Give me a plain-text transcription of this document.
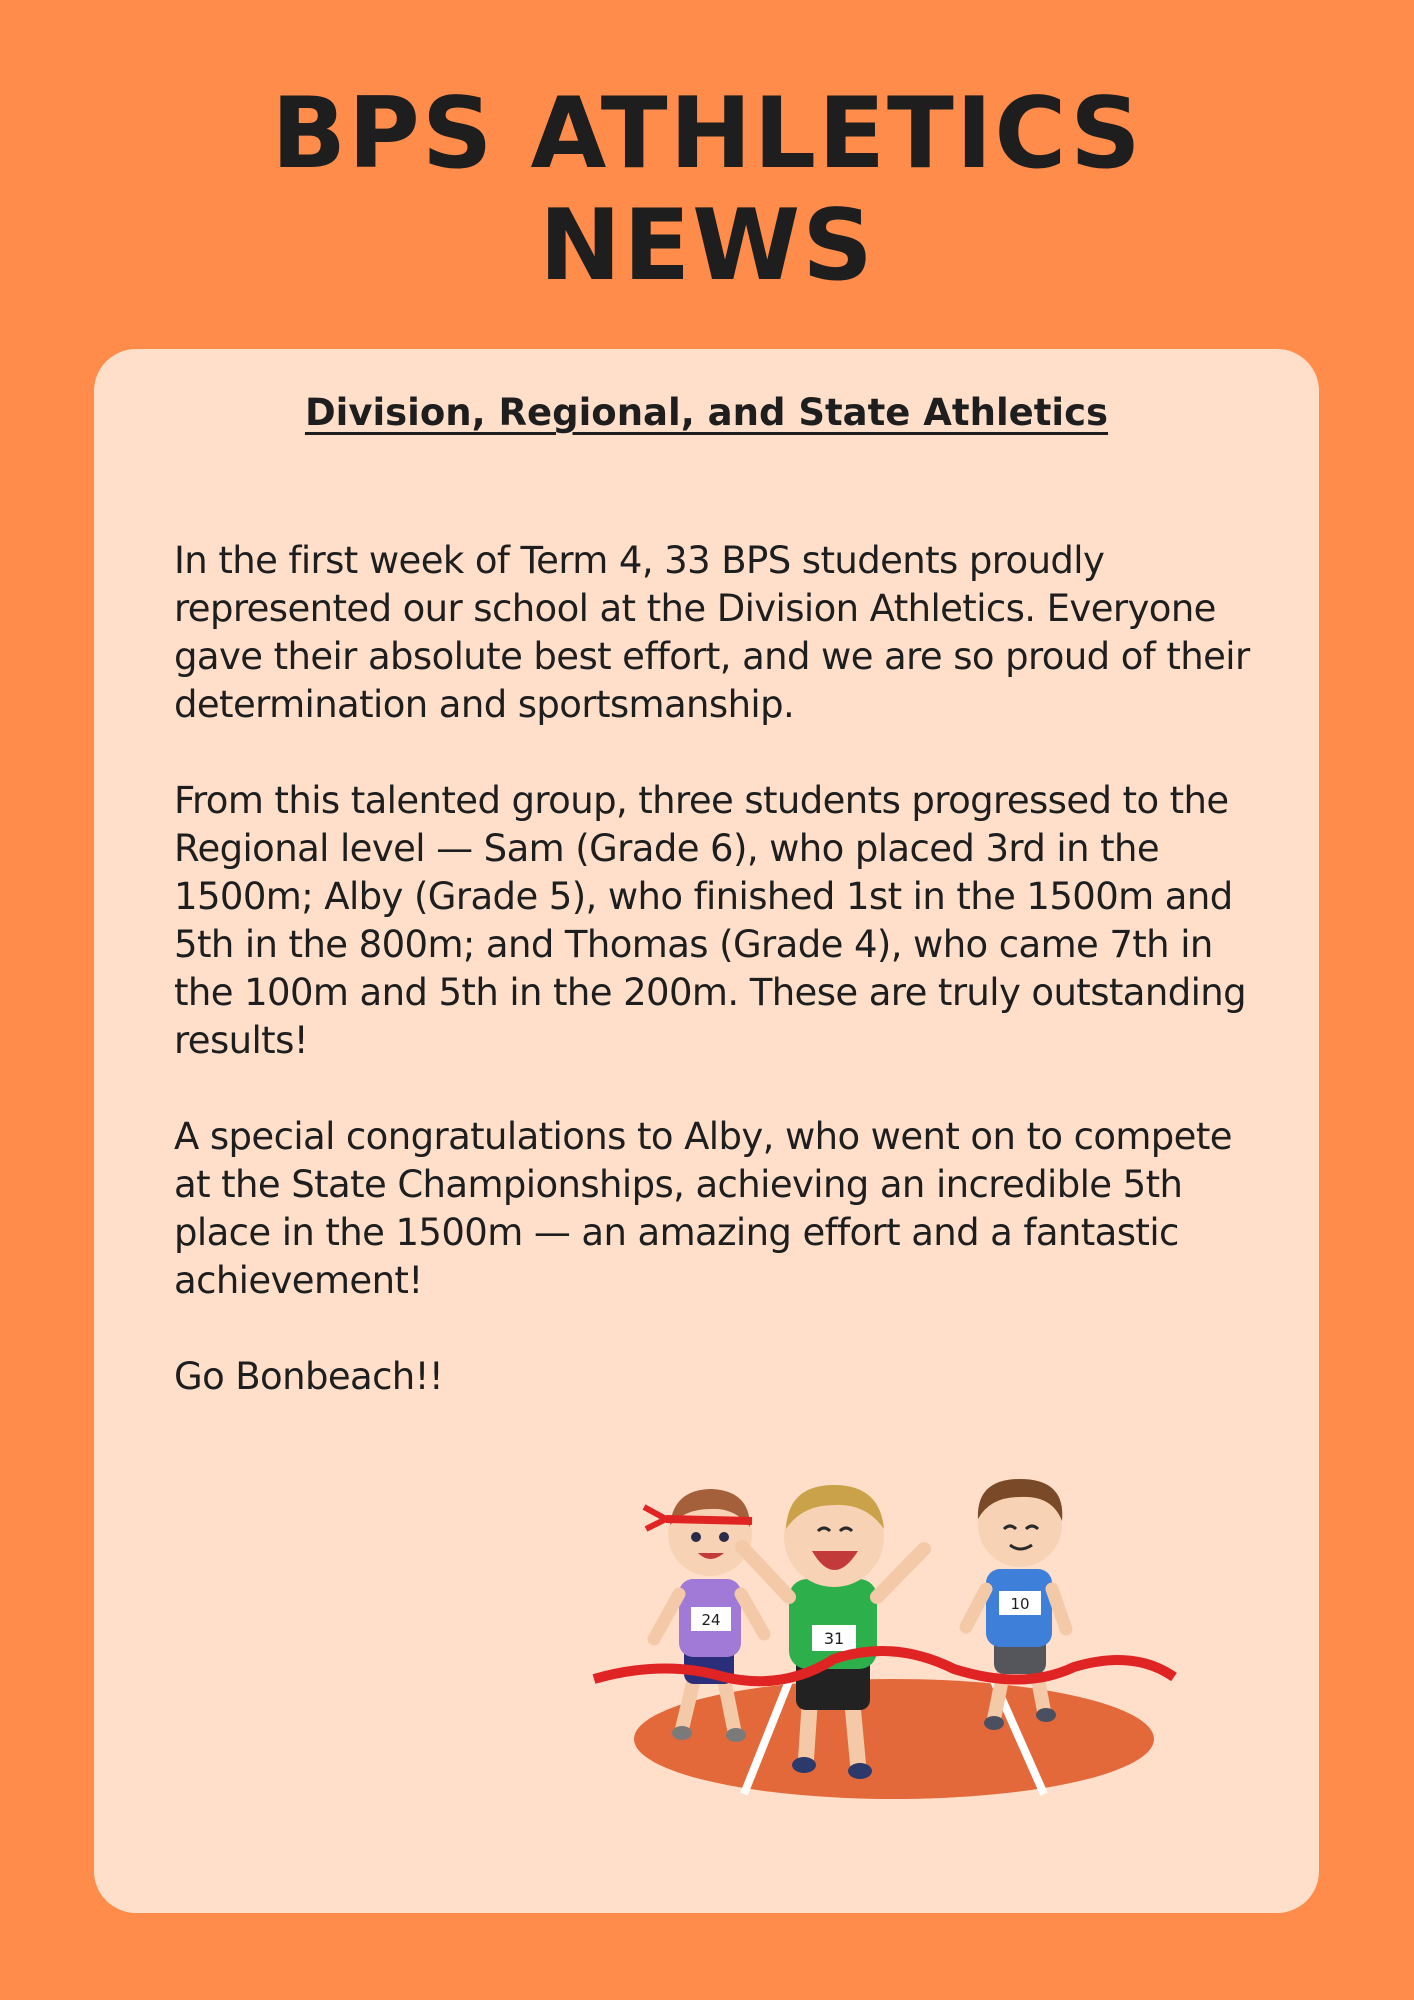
BPS ATHLETICS
NEWS
Division, Regional, and State Athletics

In the first week of Term 4, 33 BPS students proudly represented our school at the Division Athletics. Everyone gave their absolute best effort, and we are so proud of their determination and sportsmanship.

From this talented group, three students progressed to the Regional level — Sam (Grade 6), who placed 3rd in the 1500m; Alby (Grade 5), who finished 1st in the 1500m and 5th in the 800m; and Thomas (Grade 4), who came 7th in the 100m and 5th in the 200m. These are truly outstanding results!

A special congratulations to Alby, who went on to compete at the State Championships, achieving an incredible 5th place in the 1500m — an amazing effort and a fantastic achievement!

Go Bonbeach!!

24
10
31
